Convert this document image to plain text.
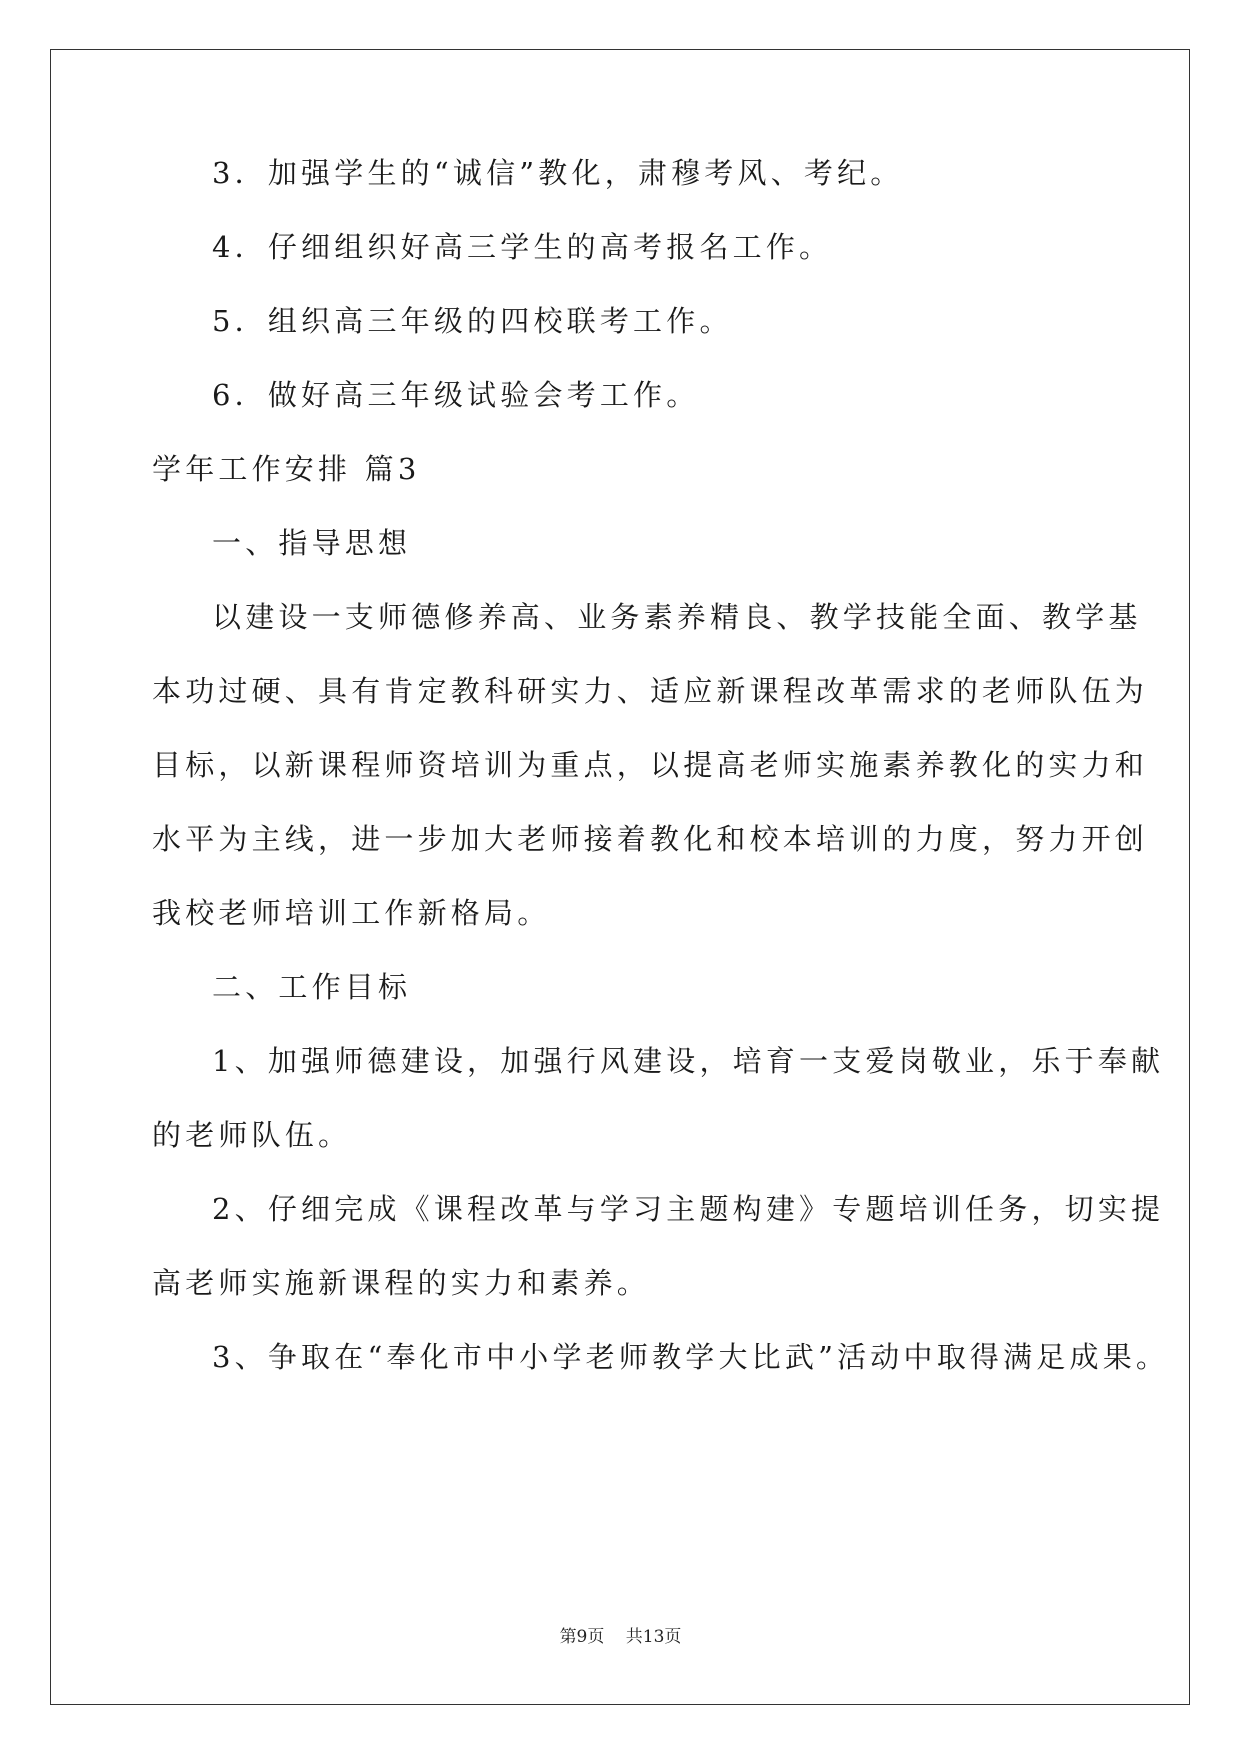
3．加强学生的“诚信”教化，肃穆考风、考纪。
4．仔细组织好高三学生的高考报名工作。
5．组织高三年级的四校联考工作。
6．做好高三年级试验会考工作。
学年工作安排 篇3
一、指导思想
以建设一支师德修养高、业务素养精良、教学技能全面、教学基
本功过硬、具有肯定教科研实力、适应新课程改革需求的老师队伍为
目标，以新课程师资培训为重点，以提高老师实施素养教化的实力和
水平为主线，进一步加大老师接着教化和校本培训的力度，努力开创
我校老师培训工作新格局。
二、工作目标
1、加强师德建设，加强行风建设，培育一支爱岗敬业，乐于奉献
的老师队伍。
2、仔细完成《课程改革与学习主题构建》专题培训任务，切实提
高老师实施新课程的实力和素养。
3、争取在“奉化市中小学老师教学大比武”活动中取得满足成果。
第9页 共13页
